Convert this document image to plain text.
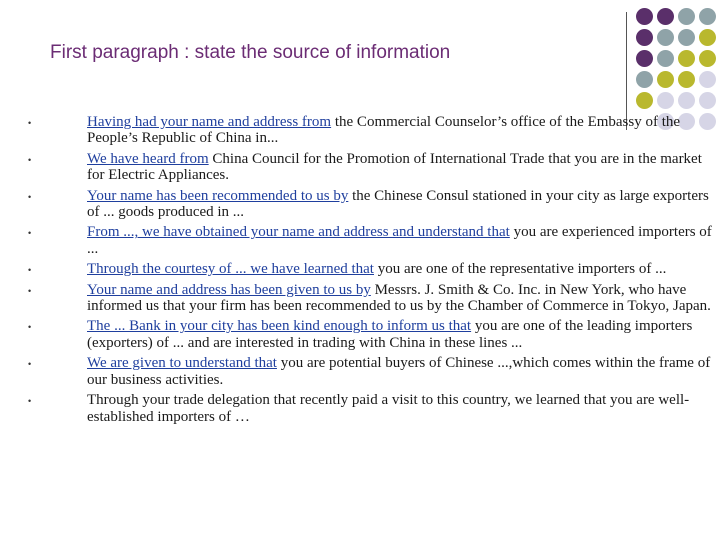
First paragraph : state the source of information
•	Having had your name and address from the Commercial Counselor’s office of the Embassy of the People’s Republic of China in...
•	We have heard from China Council for the Promotion of International Trade that you are in the market for Electric Appliances.
•	Your name has been recommended to us by the Chinese Consul stationed in your city as large exporters of ... goods produced in ...
•	From ..., we have obtained your name and address and understand that you are experienced importers of ...
•	Through the courtesy of ... we have learned that you are one of the representative importers of ...
•	Your name and address has been given to us by Messrs. J. Smith & Co. Inc. in New York, who have informed us that your firm has been recommended to us by the Chamber of Commerce in Tokyo, Japan.
•	The ... Bank in your city has been kind enough to inform us that you are one of the leading importers (exporters) of ... and are interested in trading with China in these lines ...
•	We are given to understand that you are potential buyers of Chinese ...,which comes within the frame of our business activities.
•	Through your trade delegation that recently paid a visit to this country, we learned that you are well-established importers of …
